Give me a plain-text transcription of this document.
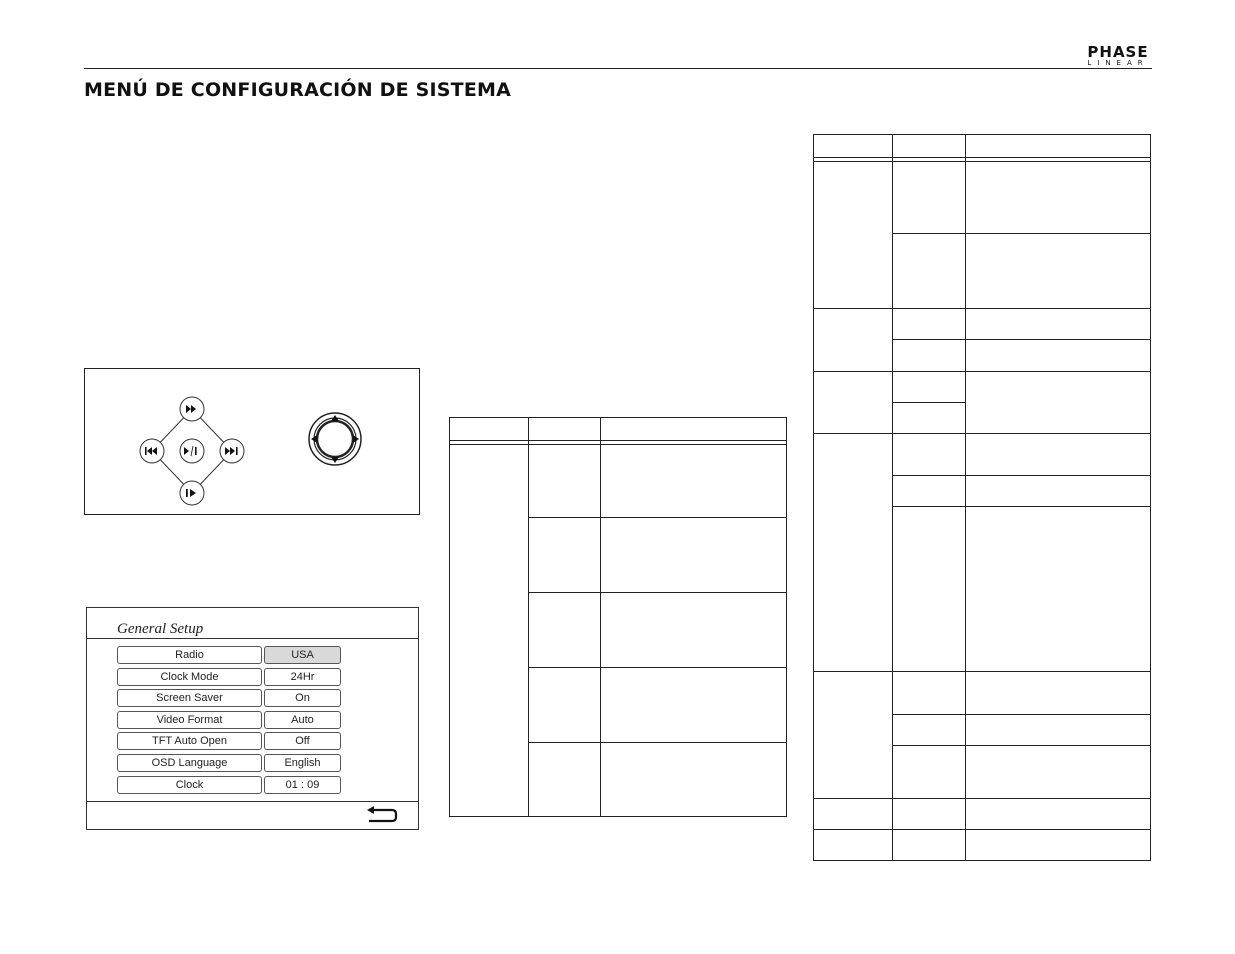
PHASE
LINEAR
MENÚ DE CONFIGURACIÓN DE SISTEMA
General Setup
Radio	USA
Clock Mode	24Hr
Screen Saver	On
Video Format	Auto
TFT Auto Open	Off
OSD Language	English
Clock	01 : 09
